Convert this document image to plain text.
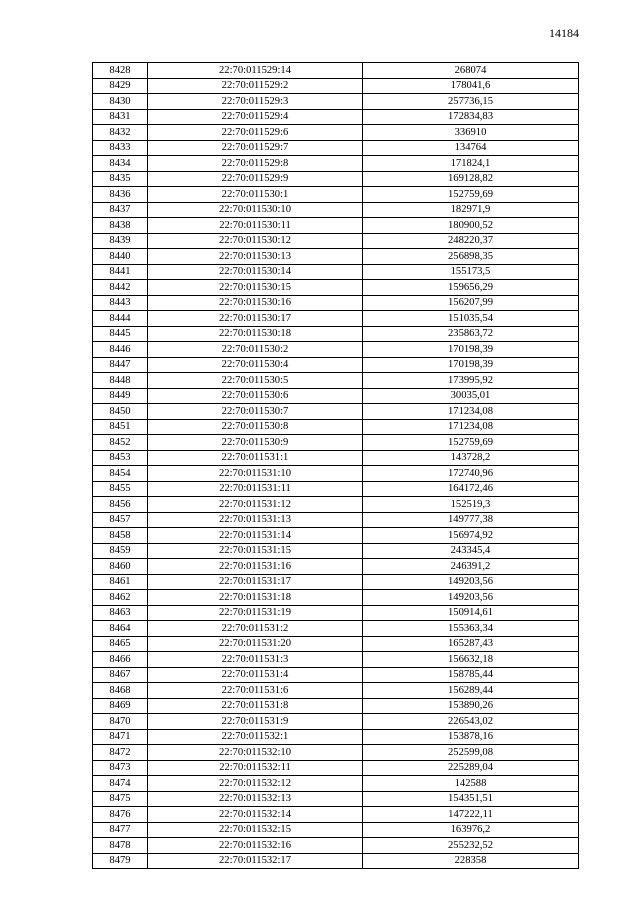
14184
8428	22:70:011529:14	268074
8429	22:70:011529:2	178041,6
8430	22:70:011529:3	257736,15
8431	22:70:011529:4	172834,83
8432	22:70:011529:6	336910
8433	22:70:011529:7	134764
8434	22:70:011529:8	171824,1
8435	22:70:011529:9	169128,82
8436	22:70:011530:1	152759,69
8437	22:70:011530:10	182971,9
8438	22:70:011530:11	180900,52
8439	22:70:011530:12	248220,37
8440	22:70:011530:13	256898,35
8441	22:70:011530:14	155173,5
8442	22:70:011530:15	159656,29
8443	22:70:011530:16	156207,99
8444	22:70:011530:17	151035,54
8445	22:70:011530:18	235863,72
8446	22:70:011530:2	170198,39
8447	22:70:011530:4	170198,39
8448	22:70:011530:5	173995,92
8449	22:70:011530:6	30035,01
8450	22:70:011530:7	171234,08
8451	22:70:011530:8	171234,08
8452	22:70:011530:9	152759,69
8453	22:70:011531:1	143728,2
8454	22:70:011531:10	172740,96
8455	22:70:011531:11	164172,46
8456	22:70:011531:12	152519,3
8457	22:70:011531:13	149777,38
8458	22:70:011531:14	156974,92
8459	22:70:011531:15	243345,4
8460	22:70:011531:16	246391,2
8461	22:70:011531:17	149203,56
8462	22:70:011531:18	149203,56
8463	22:70:011531:19	150914,61
8464	22:70:011531:2	155363,34
8465	22:70:011531:20	165287,43
8466	22:70:011531:3	156632,18
8467	22:70:011531:4	158785,44
8468	22:70:011531:6	156289,44
8469	22:70:011531:8	153890,26
8470	22:70:011531:9	226543,02
8471	22:70:011532:1	153878,16
8472	22:70:011532:10	252599,08
8473	22:70:011532:11	225289,04
8474	22:70:011532:12	142588
8475	22:70:011532:13	154351,51
8476	22:70:011532:14	147222,11
8477	22:70:011532:15	163976,2
8478	22:70:011532:16	255232,52
8479	22:70:011532:17	228358
